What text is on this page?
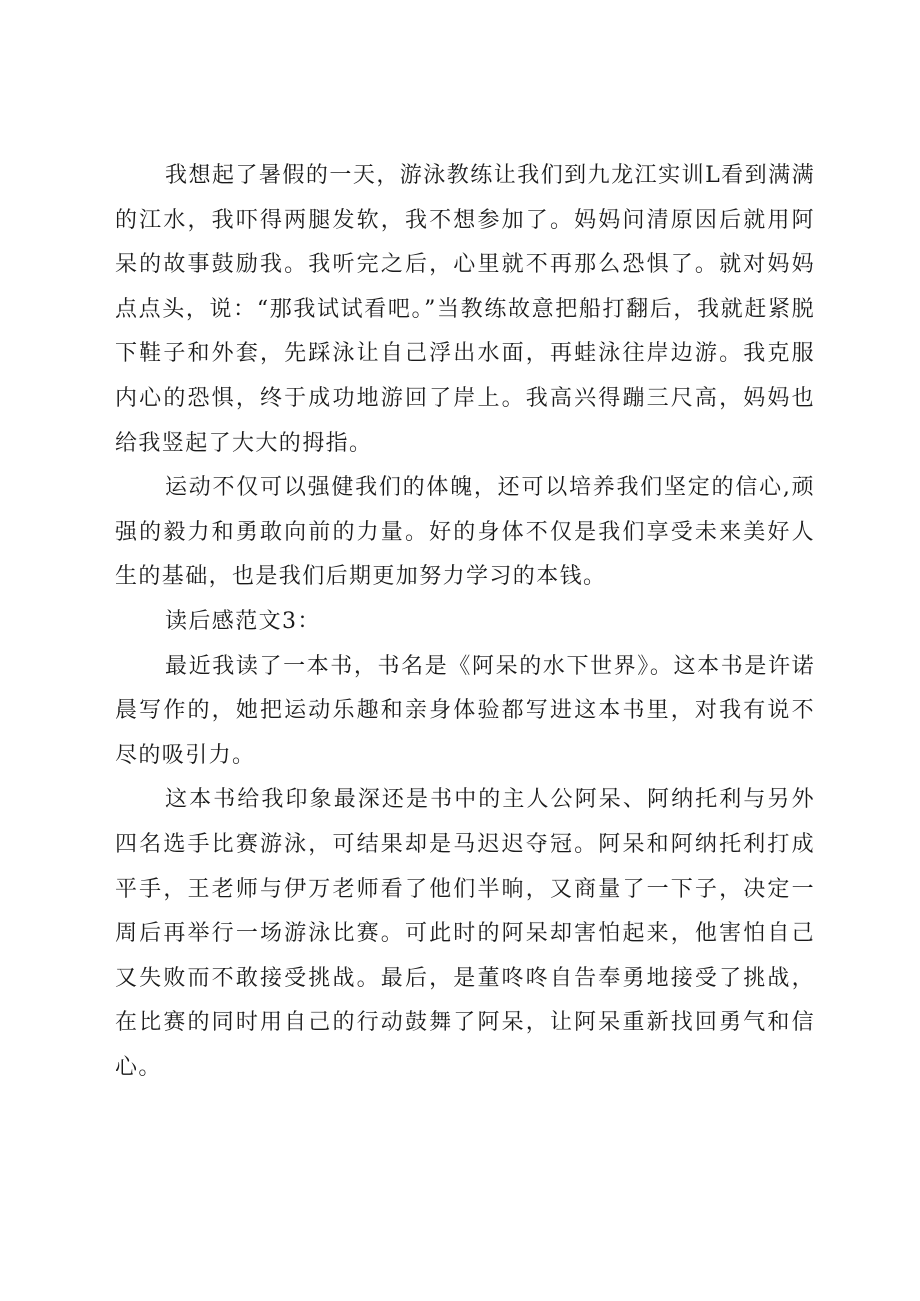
我想起了暑假的一天，游泳教练让我们到九龙江实训L看到满满的江水，我吓得两腿发软，我不想参加了。妈妈问清原因后就用阿呆的故事鼓励我。我听完之后，心里就不再那么恐惧了。就对妈妈点点头，说：“那我试试看吧。”当教练故意把船打翻后，我就赶紧脱下鞋子和外套，先踩泳让自己浮出水面，再蛙泳往岸边游。我克服内心的恐惧，终于成功地游回了岸上。我高兴得蹦三尺高，妈妈也给我竖起了大大的拇指。

运动不仅可以强健我们的体魄，还可以培养我们坚定的信心,顽强的毅力和勇敢向前的力量。好的身体不仅是我们享受未来美好人生的基础，也是我们后期更加努力学习的本钱。

读后感范文3：

最近我读了一本书，书名是《阿呆的水下世界》。这本书是许诺晨写作的，她把运动乐趣和亲身体验都写进这本书里，对我有说不尽的吸引力。

这本书给我印象最深还是书中的主人公阿呆、阿纳托利与另外四名选手比赛游泳，可结果却是马迟迟夺冠。阿呆和阿纳托利打成平手，王老师与伊万老师看了他们半晌，又商量了一下子，决定一周后再举行一场游泳比赛。可此时的阿呆却害怕起来，他害怕自己又失败而不敢接受挑战。最后，是董咚咚自告奉勇地接受了挑战，在比赛的同时用自己的行动鼓舞了阿呆，让阿呆重新找回勇气和信心。
